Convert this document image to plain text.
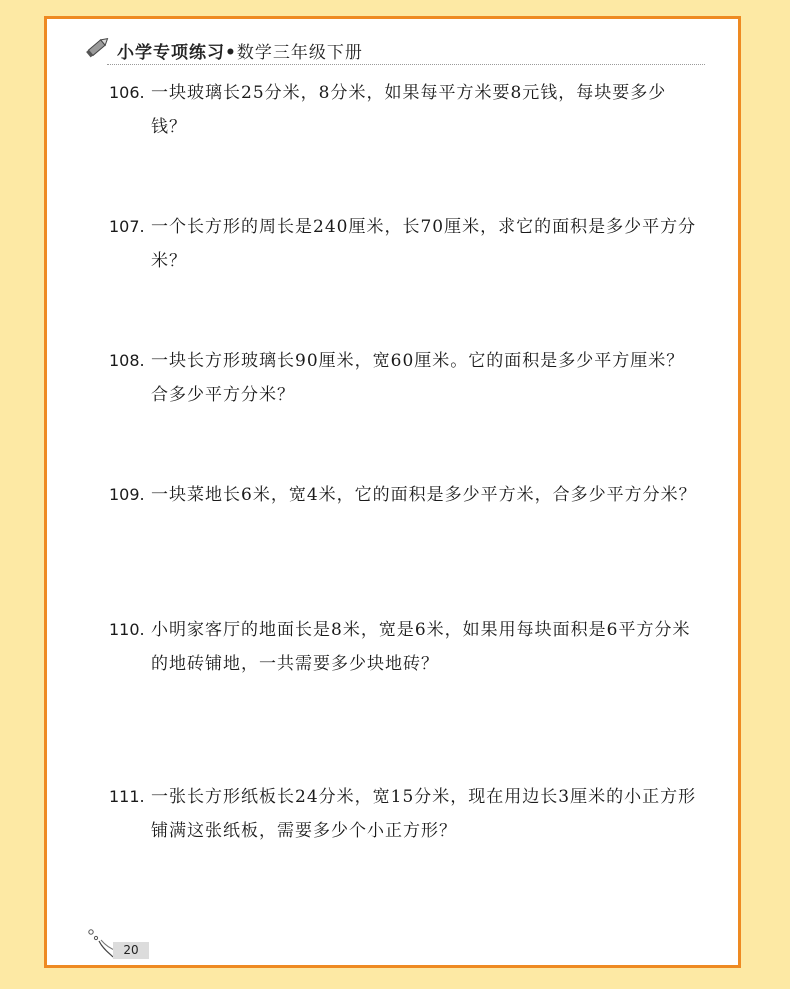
小学专项练习•数学三年级下册
106. 一块玻璃长25分米，8分米，如果每平方米要8元钱，每块要多少钱？

107. 一个长方形的周长是240厘米，长70厘米，求它的面积是多少平方分米？

108. 一块长方形玻璃长90厘米，宽60厘米。它的面积是多少平方厘米？合多少平方分米？

109. 一块菜地长6米，宽4米，它的面积是多少平方米，合多少平方分米？

110. 小明家客厅的地面长是8米，宽是6米，如果用每块面积是6平方分米的地砖铺地，一共需要多少块地砖？

111. 一张长方形纸板长24分米，宽15分米，现在用边长3厘米的小正方形铺满这张纸板，需要多少个小正方形？

20
